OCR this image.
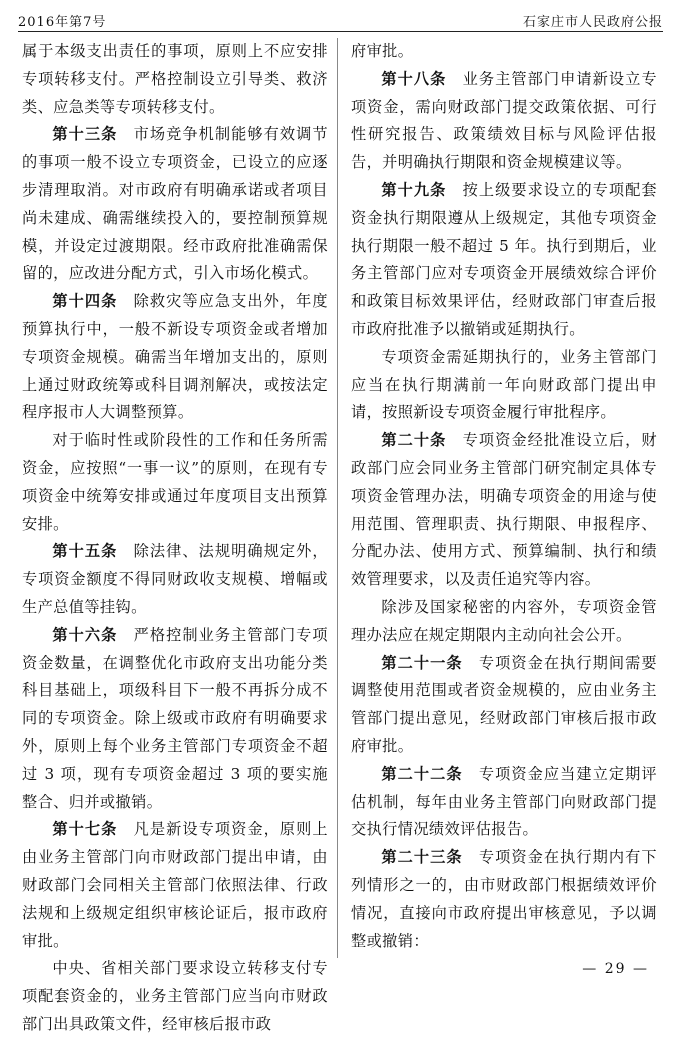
2016年第7号	石家庄市人民政府公报

属于本级支出责任的事项，原则上不应安排专项转移支付。严格控制设立引导类、救济类、应急类等专项转移支付。

第十三条　市场竞争机制能够有效调节的事项一般不设立专项资金，已设立的应逐步清理取消。对市政府有明确承诺或者项目尚未建成、确需继续投入的，要控制预算规模，并设定过渡期限。经市政府批准确需保留的，应改进分配方式，引入市场化模式。

第十四条　除救灾等应急支出外，年度预算执行中，一般不新设专项资金或者增加专项资金规模。确需当年增加支出的，原则上通过财政统筹或科目调剂解决，或按法定程序报市人大调整预算。

对于临时性或阶段性的工作和任务所需资金，应按照“一事一议”的原则，在现有专项资金中统筹安排或通过年度项目支出预算安排。

第十五条　除法律、法规明确规定外，专项资金额度不得同财政收支规模、增幅或生产总值等挂钩。

第十六条　严格控制业务主管部门专项资金数量，在调整优化市政府支出功能分类科目基础上，项级科目下一般不再拆分成不同的专项资金。除上级或市政府有明确要求外，原则上每个业务主管部门专项资金不超过 3 项，现有专项资金超过 3 项的要实施整合、归并或撤销。

第十七条　凡是新设专项资金，原则上由业务主管部门向市财政部门提出申请，由财政部门会同相关主管部门依照法律、行政法规和上级规定组织审核论证后，报市政府审批。

中央、省相关部门要求设立转移支付专项配套资金的，业务主管部门应当向市财政部门出具政策文件，经审核后报市政

府审批。

第十八条　业务主管部门申请新设立专项资金，需向财政部门提交政策依据、可行性研究报告、政策绩效目标与风险评估报告，并明确执行期限和资金规模建议等。

第十九条　按上级要求设立的专项配套资金执行期限遵从上级规定，其他专项资金执行期限一般不超过 5 年。执行到期后，业务主管部门应对专项资金开展绩效综合评价和政策目标效果评估，经财政部门审查后报市政府批准予以撤销或延期执行。

专项资金需延期执行的，业务主管部门应当在执行期满前一年向财政部门提出申请，按照新设专项资金履行审批程序。

第二十条　专项资金经批准设立后，财政部门应会同业务主管部门研究制定具体专项资金管理办法，明确专项资金的用途与使用范围、管理职责、执行期限、申报程序、分配办法、使用方式、预算编制、执行和绩效管理要求，以及责任追究等内容。

除涉及国家秘密的内容外，专项资金管理办法应在规定期限内主动向社会公开。

第二十一条　专项资金在执行期间需要调整使用范围或者资金规模的，应由业务主管部门提出意见，经财政部门审核后报市政府审批。

第二十二条　专项资金应当建立定期评估机制，每年由业务主管部门向财政部门提交执行情况绩效评估报告。

第二十三条　专项资金在执行期内有下列情形之一的，由市财政部门根据绩效评价情况，直接向市政府提出审核意见，予以调整或撤销：

— 29 —
